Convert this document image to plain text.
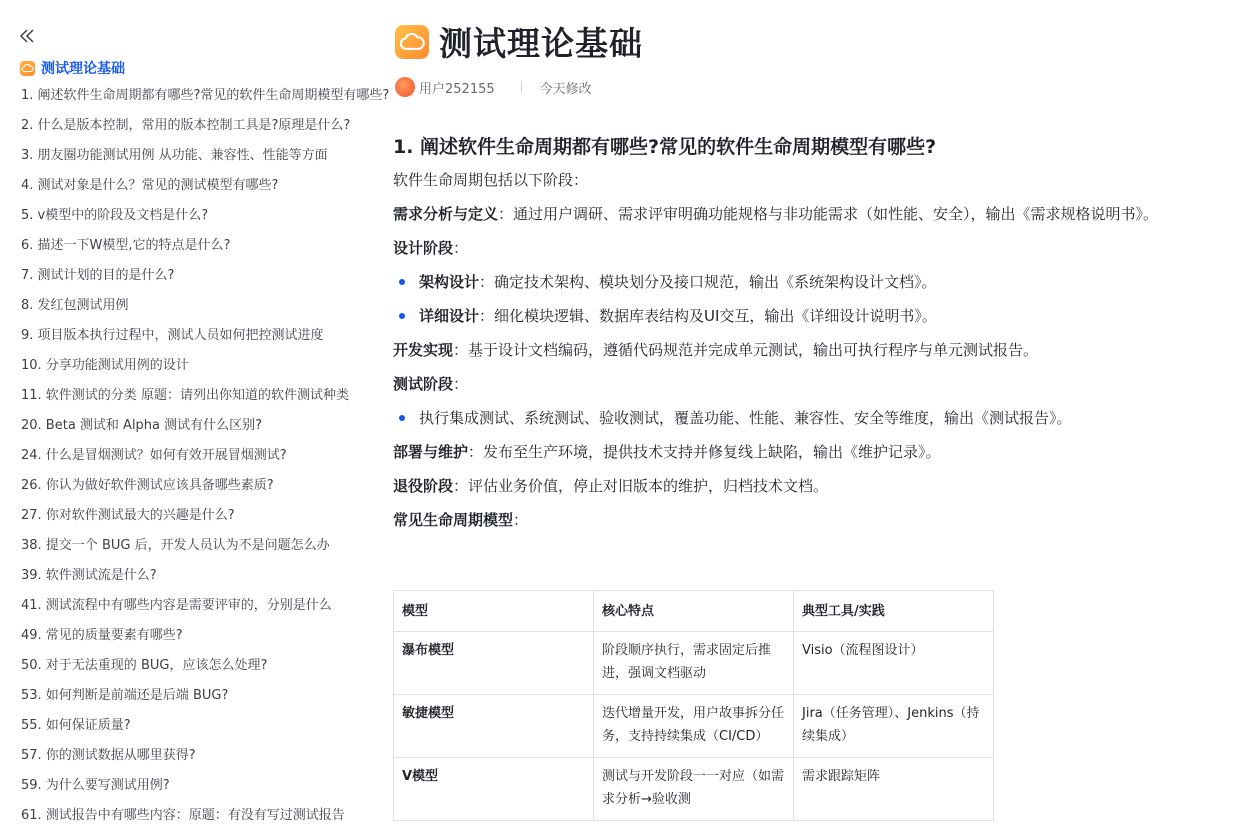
测试理论基础
1. 阐述软件生命周期都有哪些?常见的软件生命周期模型有哪些?
2. 什么是版本控制，常用的版本控制工具是?原理是什么?
3. 朋友圈功能测试用例 从功能、兼容性、性能等方面
4. 测试对象是什么？常见的测试模型有哪些?
5. v模型中的阶段及文档是什么?
6. 描述一下W模型,它的特点是什么?
7. 测试计划的目的是什么?
8. 发红包测试用例
9. 项目版本执行过程中，测试人员如何把控测试进度
10. 分享功能测试用例的设计
11. 软件测试的分类 原题：请列出你知道的软件测试种类
20. Beta 测试和 Alpha 测试有什么区别?
24. 什么是冒烟测试？如何有效开展冒烟测试?
26. 你认为做好软件测试应该具备哪些素质?
27. 你对软件测试最大的兴趣是什么?
38. 提交一个 BUG 后，开发人员认为不是问题怎么办
39. 软件测试流是什么?
41. 测试流程中有哪些内容是需要评审的，分别是什么
49. 常见的质量要素有哪些?
50. 对于无法重现的 BUG，应该怎么处理?
53. 如何判断是前端还是后端 BUG?
55. 如何保证质量?
57. 你的测试数据从哪里获得?
59. 为什么要写测试用例?
61. 测试报告中有哪些内容：原题：有没有写过测试报告
测试理论基础
用户252155	今天修改
1. 阐述软件生命周期都有哪些?常见的软件生命周期模型有哪些?

软件生命周期包括以下阶段：

需求分析与定义：通过用户调研、需求评审明确功能规格与非功能需求（如性能、安全），输出《需求规格说明书》。

设计阶段：

架构设计：确定技术架构、模块划分及接口规范，输出《系统架构设计文档》。
详细设计：细化模块逻辑、数据库表结构及UI交互，输出《详细设计说明书》。

开发实现：基于设计文档编码，遵循代码规范并完成单元测试，输出可执行程序与单元测试报告。

测试阶段：

执行集成测试、系统测试、验收测试，覆盖功能、性能、兼容性、安全等维度，输出《测试报告》。

部署与维护：发布至生产环境，提供技术支持并修复线上缺陷，输出《维护记录》。

退役阶段：评估业务价值，停止对旧版本的维护，归档技术文档。

常见生命周期模型：

模型	核心特点	典型工具/实践
瀑布模型	阶段顺序执行，需求固定后推进，强调文档驱动	Visio（流程图设计）
敏捷模型	迭代增量开发，用户故事拆分任务，支持持续集成（CI/CD）	Jira（任务管理）、Jenkins（持续集成）
V模型	测试与开发阶段一一对应（如需求分析→验收测	需求跟踪矩阵
